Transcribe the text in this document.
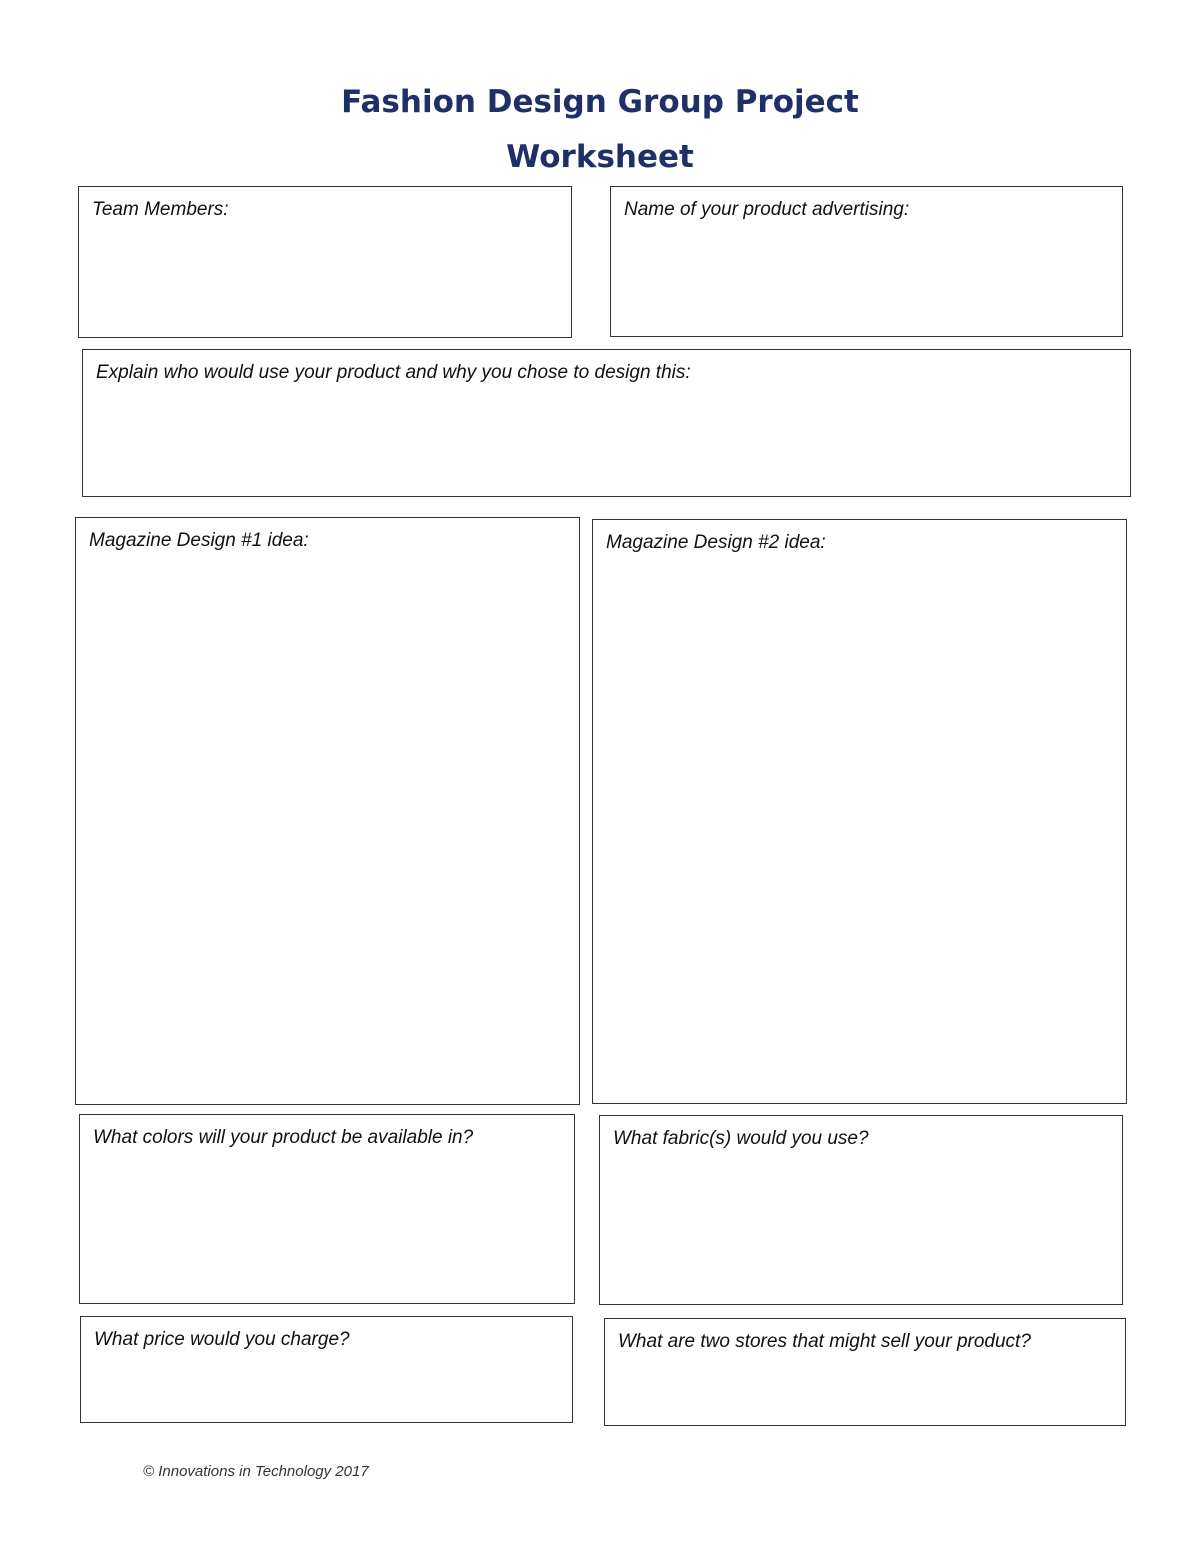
Fashion Design Group Project
Worksheet
Team Members:	Name of your product advertising:
Explain who would use your product and why you chose to design this:
Magazine Design #1 idea:	Magazine Design #2 idea:
What colors will your product be available in?	What fabric(s) would you use?
What price would you charge?	What are two stores that might sell your product?
© Innovations in Technology 2017
